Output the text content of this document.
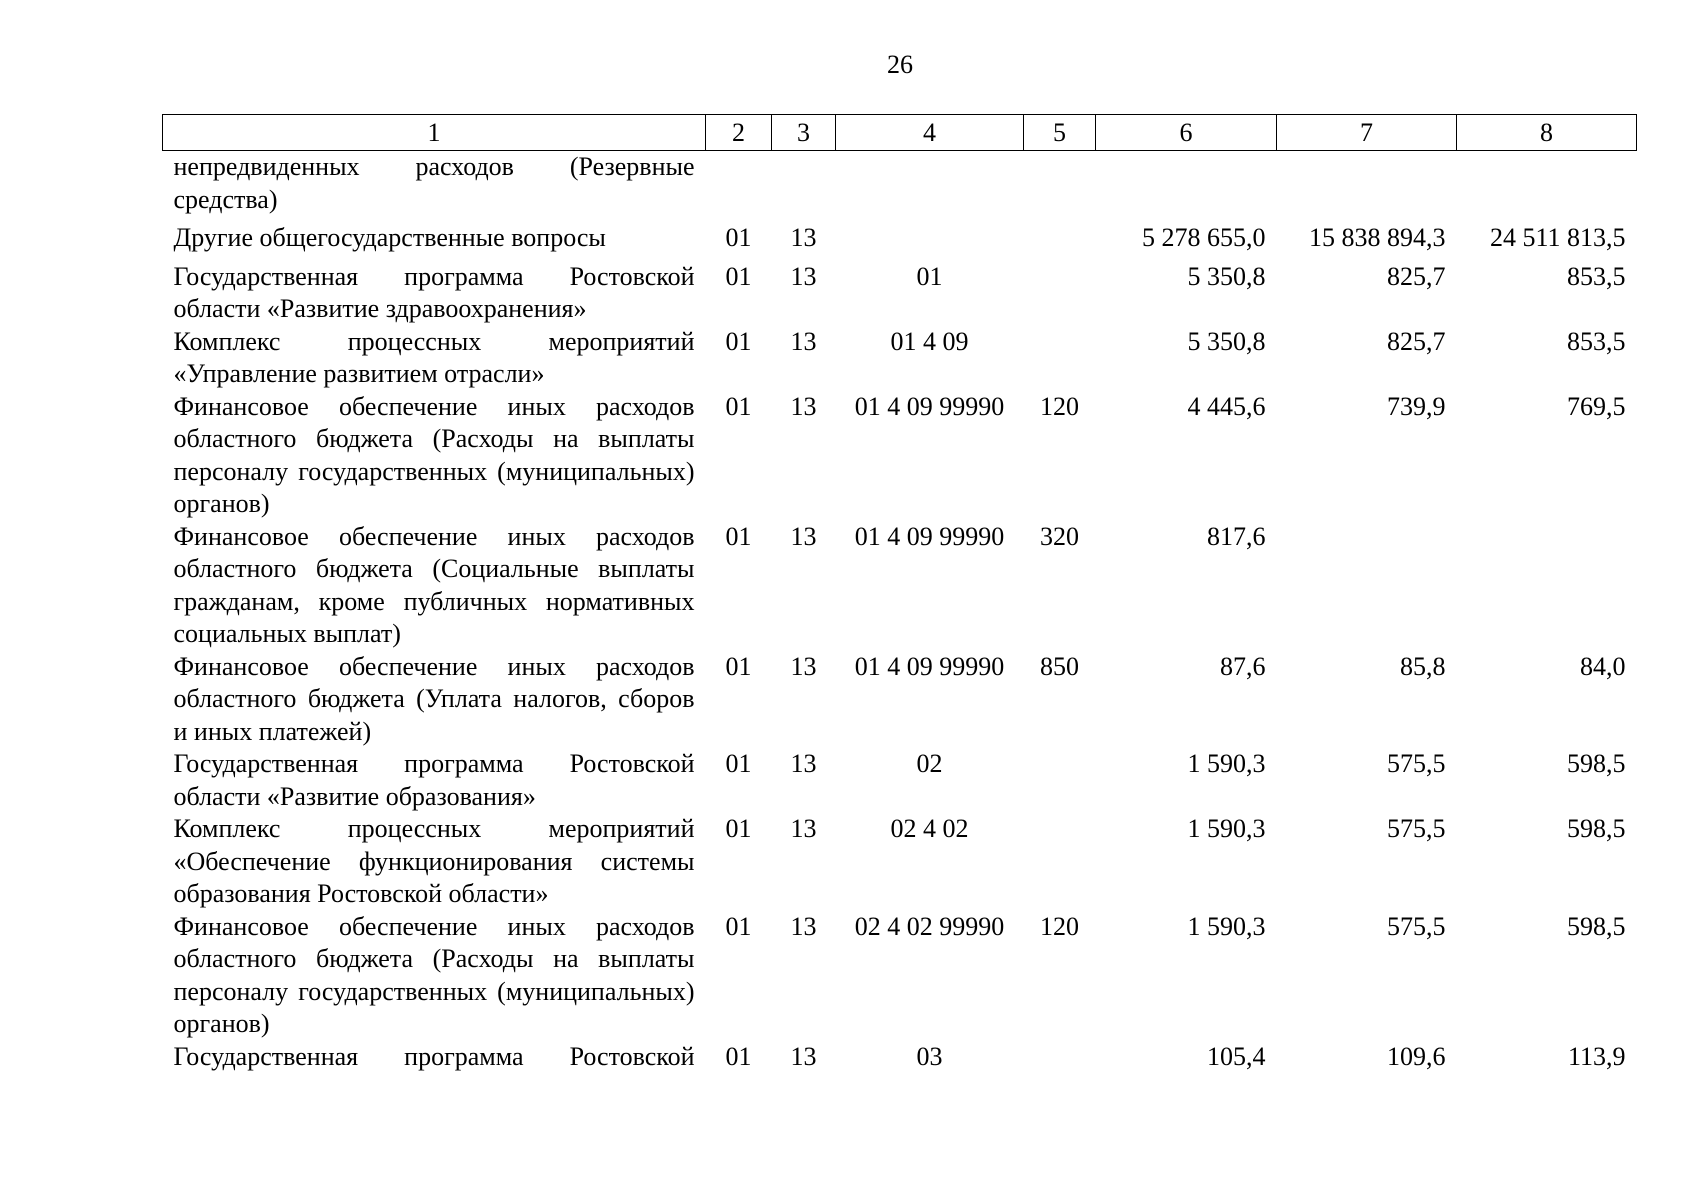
26
1	2	3	4	5	6	7	8
непредвиденных расходов (Резервные средства)							
Другие общегосударственные вопросы	01	13			5 278 655,0	15 838 894,3	24 511 813,5
Государственная программа Ростовской области «Развитие здравоохранения»	01	13	01		5 350,8	825,7	853,5
Комплекс процессных мероприятий «Управление развитием отрасли»	01	13	01 4 09		5 350,8	825,7	853,5
Финансовое обеспечение иных расходов областного бюджета (Расходы на выплаты персоналу государственных (муниципальных) органов)	01	13	01 4 09 99990	120	4 445,6	739,9	769,5
Финансовое обеспечение иных расходов областного бюджета (Социальные выплаты гражданам, кроме публичных нормативных социальных выплат)	01	13	01 4 09 99990	320	817,6		
Финансовое обеспечение иных расходов областного бюджета (Уплата налогов, сборов и иных платежей)	01	13	01 4 09 99990	850	87,6	85,8	84,0
Государственная программа Ростовской области «Развитие образования»	01	13	02		1 590,3	575,5	598,5
Комплекс процессных мероприятий «Обеспечение функционирования системы образования Ростовской области»	01	13	02 4 02		1 590,3	575,5	598,5
Финансовое обеспечение иных расходов областного бюджета (Расходы на выплаты персоналу государственных (муниципальных) органов)	01	13	02 4 02 99990	120	1 590,3	575,5	598,5
Государственная программа Ростовской	01	13	03		105,4	109,6	113,9
